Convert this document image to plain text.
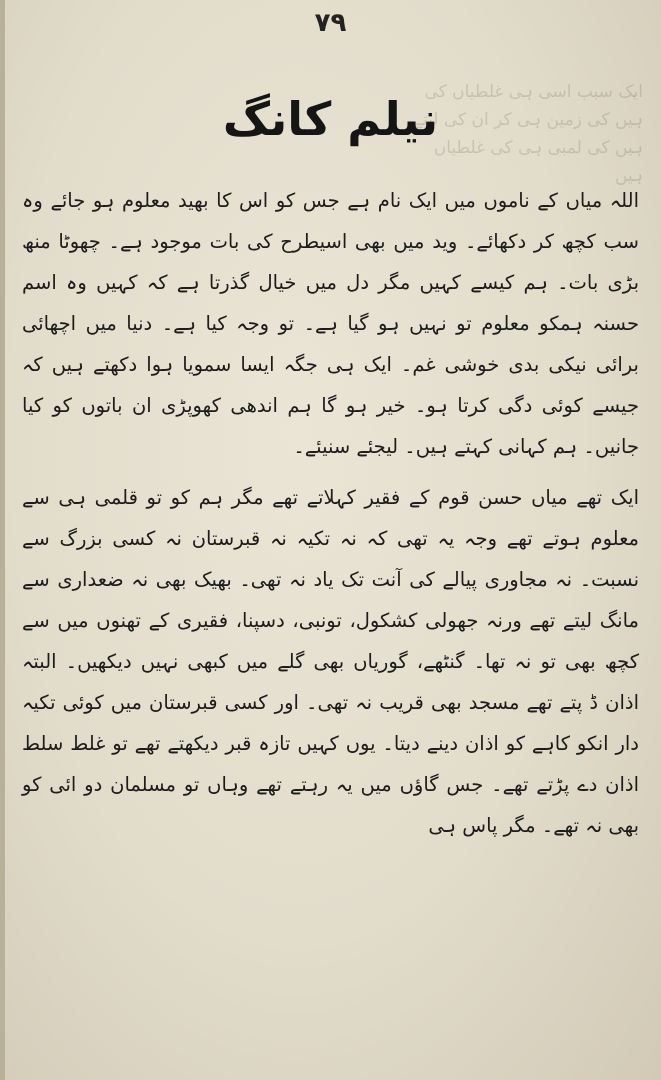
ایک سبب اسی ہی غلطیاں کی ہیں کی زمین ہی کر ان کی لیتے ہیں کی لمبی ہی کی غلطیاں ہیں
۷۹
نیلم کانگ

اللہ میاں کے ناموں میں ایک نام ہے جس کو اس کا بھید معلوم ہو جائے وہ سب کچھ کر دکھائے۔ وید میں بھی اسیطرح کی بات موجود ہے۔ چھوٹا منھ بڑی بات۔ ہم کیسے کہیں مگر دل میں خیال گذرتا ہے کہ کہیں وہ اسم حسنہ ہمکو معلوم تو نہیں ہو گیا ہے۔ تو وجہ کیا ہے۔ دنیا میں اچھائی برائی نیکی بدی خوشی غم۔ ایک ہی جگہ ایسا سمویا ہوا دکھتے ہیں کہ جیسے کوئی دگی کرتا ہو۔ خیر ہو گا ہم اندھی کھوپڑی ان باتوں کو کیا جانیں۔ ہم کہانی کہتے ہیں۔ لیجئے سنیئے۔

ایک تھے میاں حسن قوم کے فقیر کہلاتے تھے مگر ہم کو تو قلمی ہی سے معلوم ہوتے تھے وجہ یہ تھی کہ نہ تکیہ نہ قبرستان نہ کسی بزرگ سے نسبت۔ نہ مجاوری پیالے کی آنت تک یاد نہ تھی۔ بھیک بھی نہ ضعداری سے مانگ لیتے تھے ورنہ جھولی کشکول، تونبی، دسپنا، فقیری کے تھنوں میں سے کچھ بھی تو نہ تھا۔ گنٹھے، گوریاں بھی گلے میں کبھی نہیں دیکھیں۔ البتہ اذان ڈ پتے تھے مسجد بھی قریب نہ تھی۔ اور کسی قبرستان میں کوئی تکیہ دار انکو کاہے کو اذان دینے دیتا۔ یوں کہیں تازہ قبر دیکھتے تھے تو غلط سلط اذان دے پڑتے تھے۔ جس گاؤں میں یہ رہتے تھے وہاں تو مسلمان دو ائی کو بھی نہ تھے۔ مگر پاس ہی
